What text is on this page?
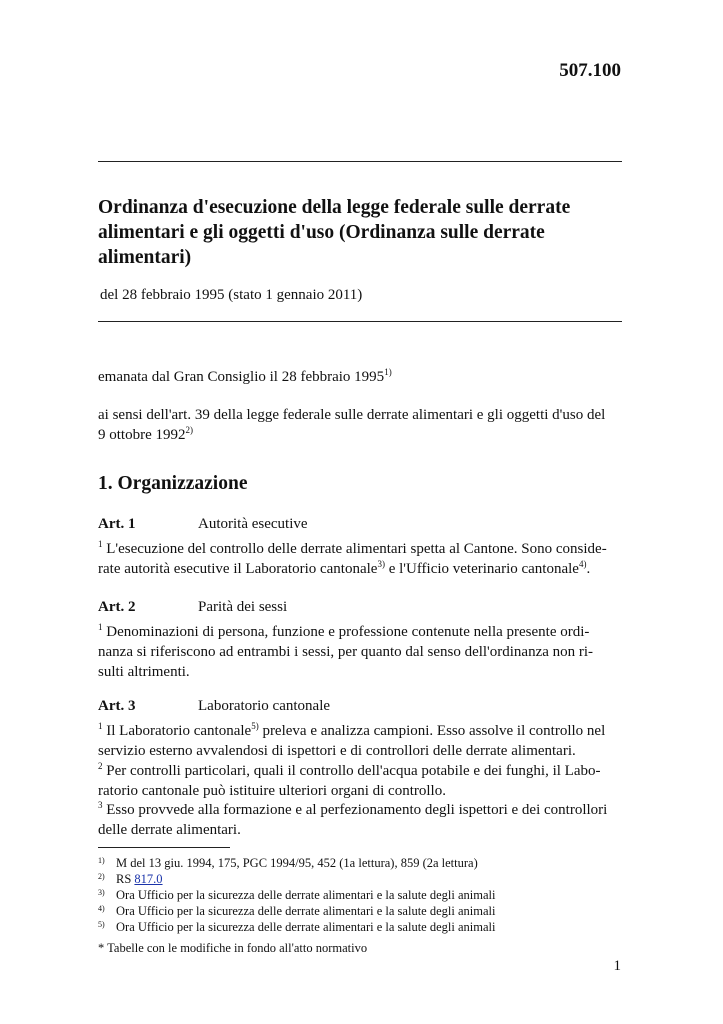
507.100
Ordinanza d'esecuzione della legge federale sulle derrate
alimentari e gli oggetti d'uso (Ordinanza sulle derrate
alimentari)
del 28 febbraio 1995 (stato 1 gennaio 2011)
emanata dal Gran Consiglio il 28 febbraio 1995$^{1)}$
ai sensi dell'art. 39 della legge federale sulle derrate alimentari e gli oggetti d'uso del
9 ottobre 1992$^{2)}$
1. Organizzazione
Art. 1	Autorità esecutive
$^1$ L'esecuzione del controllo delle derrate alimentari spetta al Cantone. Sono conside-
rate autorità esecutive il Laboratorio cantonale$^{3)}$ e l'Ufficio veterinario cantonale$^{4)}$.
Art. 2	Parità dei sessi
$^1$ Denominazioni di persona, funzione e professione contenute nella presente ordi-
nanza si riferiscono ad entrambi i sessi, per quanto dal senso dell'ordinanza non ri-
sulti altrimenti.
Art. 3	Laboratorio cantonale
$^1$ Il Laboratorio cantonale$^{5)}$ preleva e analizza campioni. Esso assolve il controllo nel
servizio esterno avvalendosi di ispettori e di controllori delle derrate alimentari.
$^2$ Per controlli particolari, quali il controllo dell'acqua potabile e dei funghi, il Labo-
ratorio cantonale può istituire ulteriori organi di controllo.
$^3$ Esso provvede alla formazione e al perfezionamento degli ispettori e dei controllori
delle derrate alimentari.
1) M del 13 giu. 1994, 175, PGC 1994/95, 452 (1a lettura), 859 (2a lettura)
2) RS 817.0
3) Ora Ufficio per la sicurezza delle derrate alimentari e la salute degli animali
4) Ora Ufficio per la sicurezza delle derrate alimentari e la salute degli animali
5) Ora Ufficio per la sicurezza delle derrate alimentari e la salute degli animali
* Tabelle con le modifiche in fondo all'atto normativo
1
